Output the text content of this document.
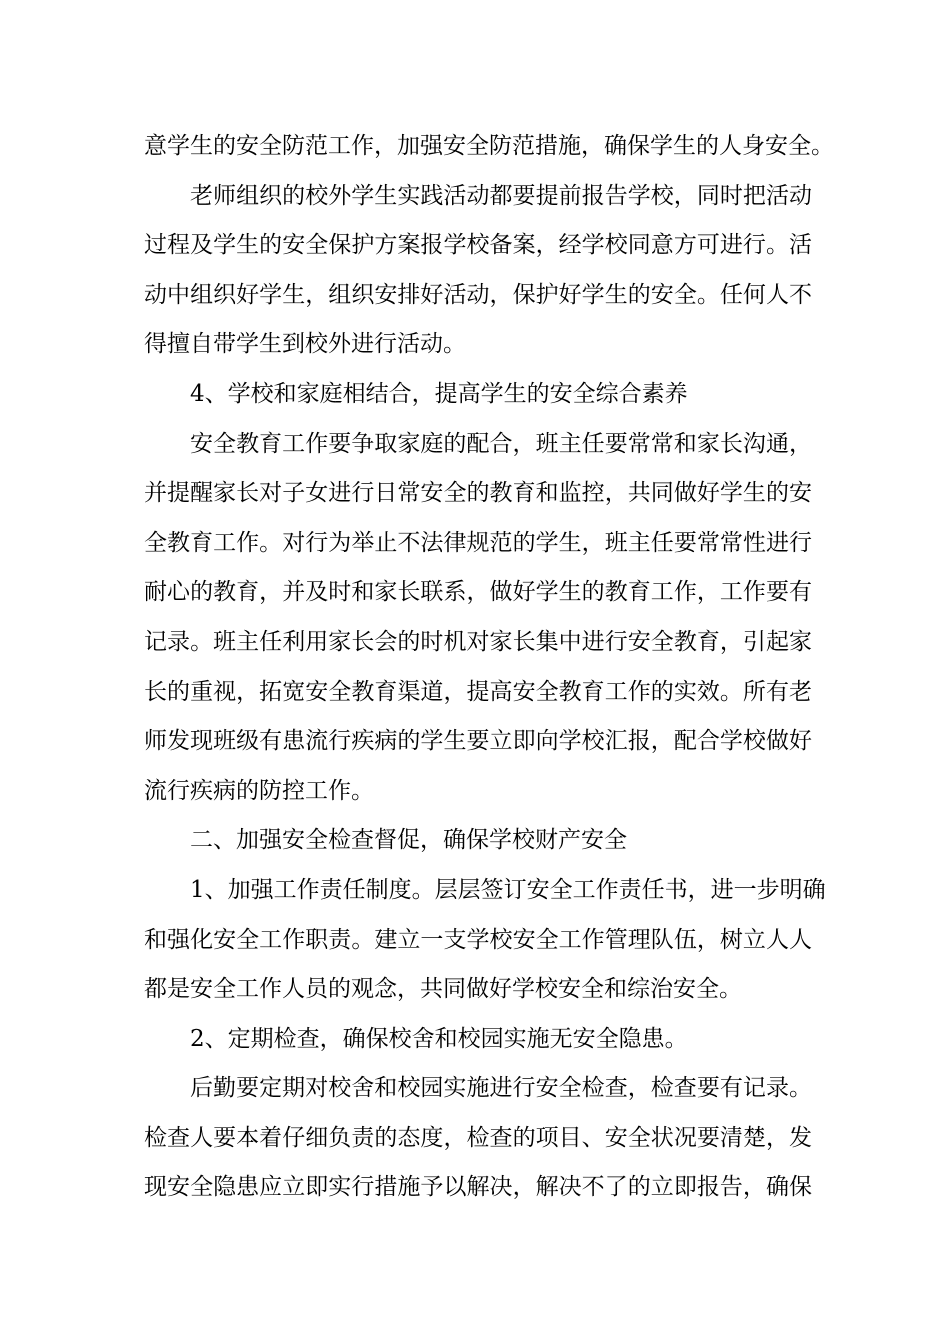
意学生的安全防范工作，加强安全防范措施，确保学生的人身安全。
老师组织的校外学生实践活动都要提前报告学校，同时把活动
过程及学生的安全保护方案报学校备案，经学校同意方可进行。活
动中组织好学生，组织安排好活动，保护好学生的安全。任何人不
得擅自带学生到校外进行活动。
4、学校和家庭相结合，提高学生的安全综合素养
安全教育工作要争取家庭的配合，班主任要常常和家长沟通，
并提醒家长对子女进行日常安全的教育和监控，共同做好学生的安
全教育工作。对行为举止不法律规范的学生，班主任要常常性进行
耐心的教育，并及时和家长联系，做好学生的教育工作，工作要有
记录。班主任利用家长会的时机对家长集中进行安全教育，引起家
长的重视，拓宽安全教育渠道，提高安全教育工作的实效。所有老
师发现班级有患流行疾病的学生要立即向学校汇报，配合学校做好
流行疾病的防控工作。
二、加强安全检查督促，确保学校财产安全
1、加强工作责任制度。层层签订安全工作责任书，进一步明确
和强化安全工作职责。建立一支学校安全工作管理队伍，树立人人
都是安全工作人员的观念，共同做好学校安全和综治安全。
2、定期检查，确保校舍和校园实施无安全隐患。
后勤要定期对校舍和校园实施进行安全检查，检查要有记录。
检查人要本着仔细负责的态度，检查的项目、安全状况要清楚，发
现安全隐患应立即实行措施予以解决，解决不了的立即报告，确保
